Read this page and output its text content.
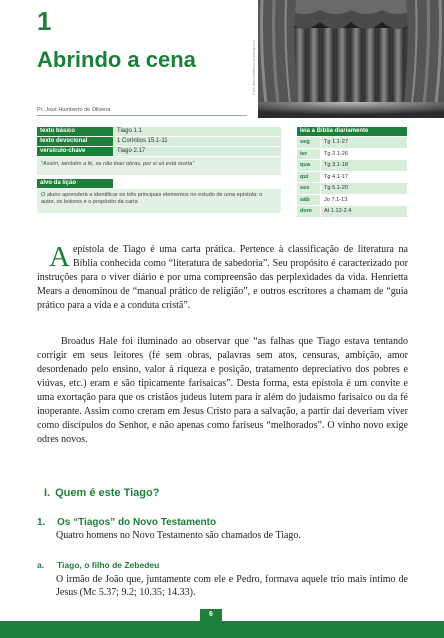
1
Abrindo a cena
Pr. José Humberto de Oliveira
Pixel Stock/Jefferson Kimberly LLC
texto básico	Tiago 1.1
texto devocional	1 Coríntios 15.1-11
versículo-chave	Tiago 2.17
"Assim, também a fé, se não tiver obras, por si só está morta"
alvo da lição
O aluno aprenderá a identificar os três principais elementos no estudo de uma epístola: o autor, os leitores e o propósito da carta
leia a Bíblia diariamente
seg	Tg 1.1-27
ter	Tg 2.1-26
qua	Tg 3.1-18
qui	Tg 4.1-17
sex	Tg 5.1-20
sáb	Jo 7.1-13
dom	At 1.12-2.4
Aepístola de Tiago é uma carta prática. Pertence à classificação de literatura na Bíblia conhecida como “literatura de sabedoria”. Seu propósito é caracterizado por instruções para o viver diário e por uma compreensão das perplexidades da vida. Henrietta Mears a denominou de “manual prático de religião”, e outros escritores a chamam de “guia prático para a vida e a conduta cristã”.
Broadus Hale foi iluminado ao observar que “as falhas que Tiago estava tentando corrigir em seus leitores (fé sem obras, palavras sem atos, censuras, ambição, amor desordenado pelo ensino, valor à riqueza e posição, tratamento depreciativo dos pobres e viúvas, etc.) eram e são tipicamente farisaicas”. Desta forma, esta epístola é um convite e uma exortação para que os cristãos judeus lutem para ir além do judaísmo farisaico ou da fé inoperante. Assim como creram em Jesus Cristo para a salvação, a partir daí deveriam viver como discípulos do Senhor, e não apenas como fariseus “melhorados”. O vinho novo exige odres novos.
I. Quem é este Tiago?
1. Os “Tiagos” do Novo Testamento
Quatro homens no Novo Testamento são chamados de Tiago.
a. Tiago, o filho de Zebedeu
O irmão de João que, juntamente com ele e Pedro, formava aquele trio mais íntimo de Jesus (Mc 5.37; 9.2; 10.35; 14.33).
6
